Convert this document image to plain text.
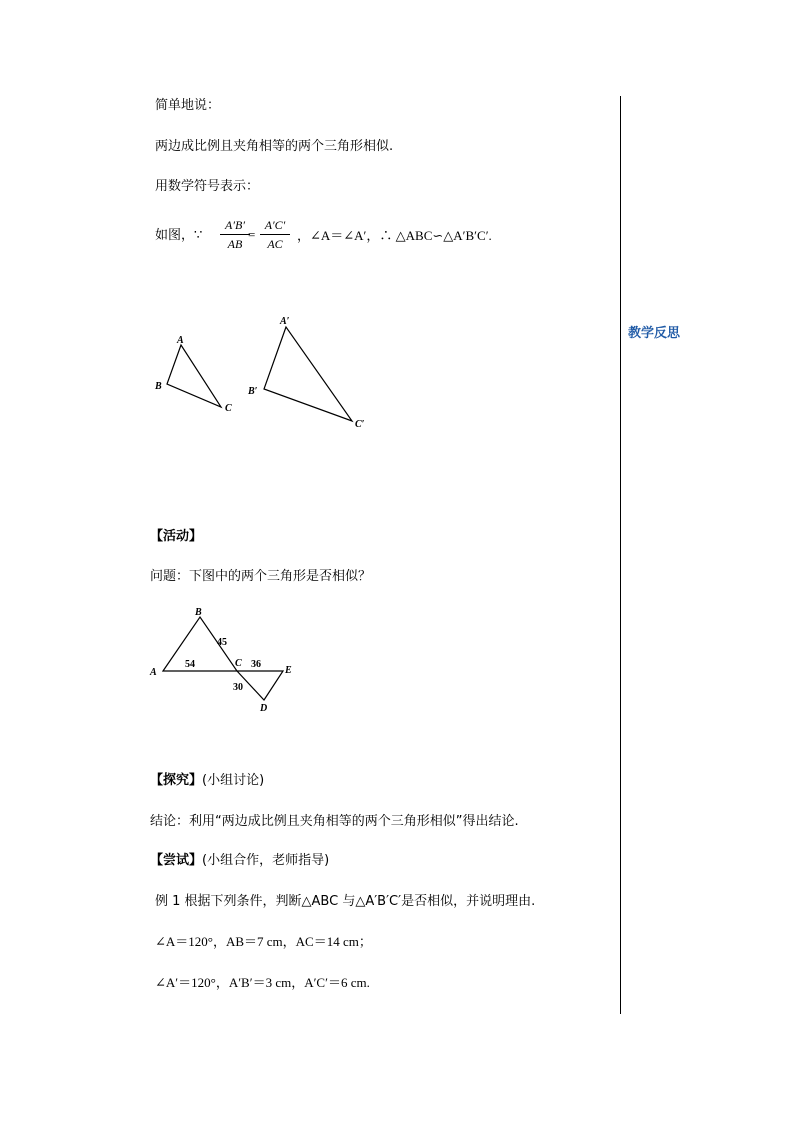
教学反思
简单地说：
两边成比例且夹角相等的两个三角形相似.
用数学符号表示：
如图，∵
A′B′
AB
=
A′C′
AC
，∠A＝∠A′，∴ △ABC∽△A′B′C′.
A
B
C
A′
B′
C′
【活动】
问题：下图中的两个三角形是否相似？
B
A
C
E
D
54
45
36
30
【探究】(小组讨论)
结论：利用“两边成比例且夹角相等的两个三角形相似”得出结论.
【尝试】(小组合作，老师指导)
例 1 根据下列条件，判断△ABC 与△A′B′C′是否相似，并说明理由.
∠A＝120°，AB＝7 cm，AC＝14 cm；
∠A′＝120°，A′B′＝3 cm，A′C′＝6 cm.
